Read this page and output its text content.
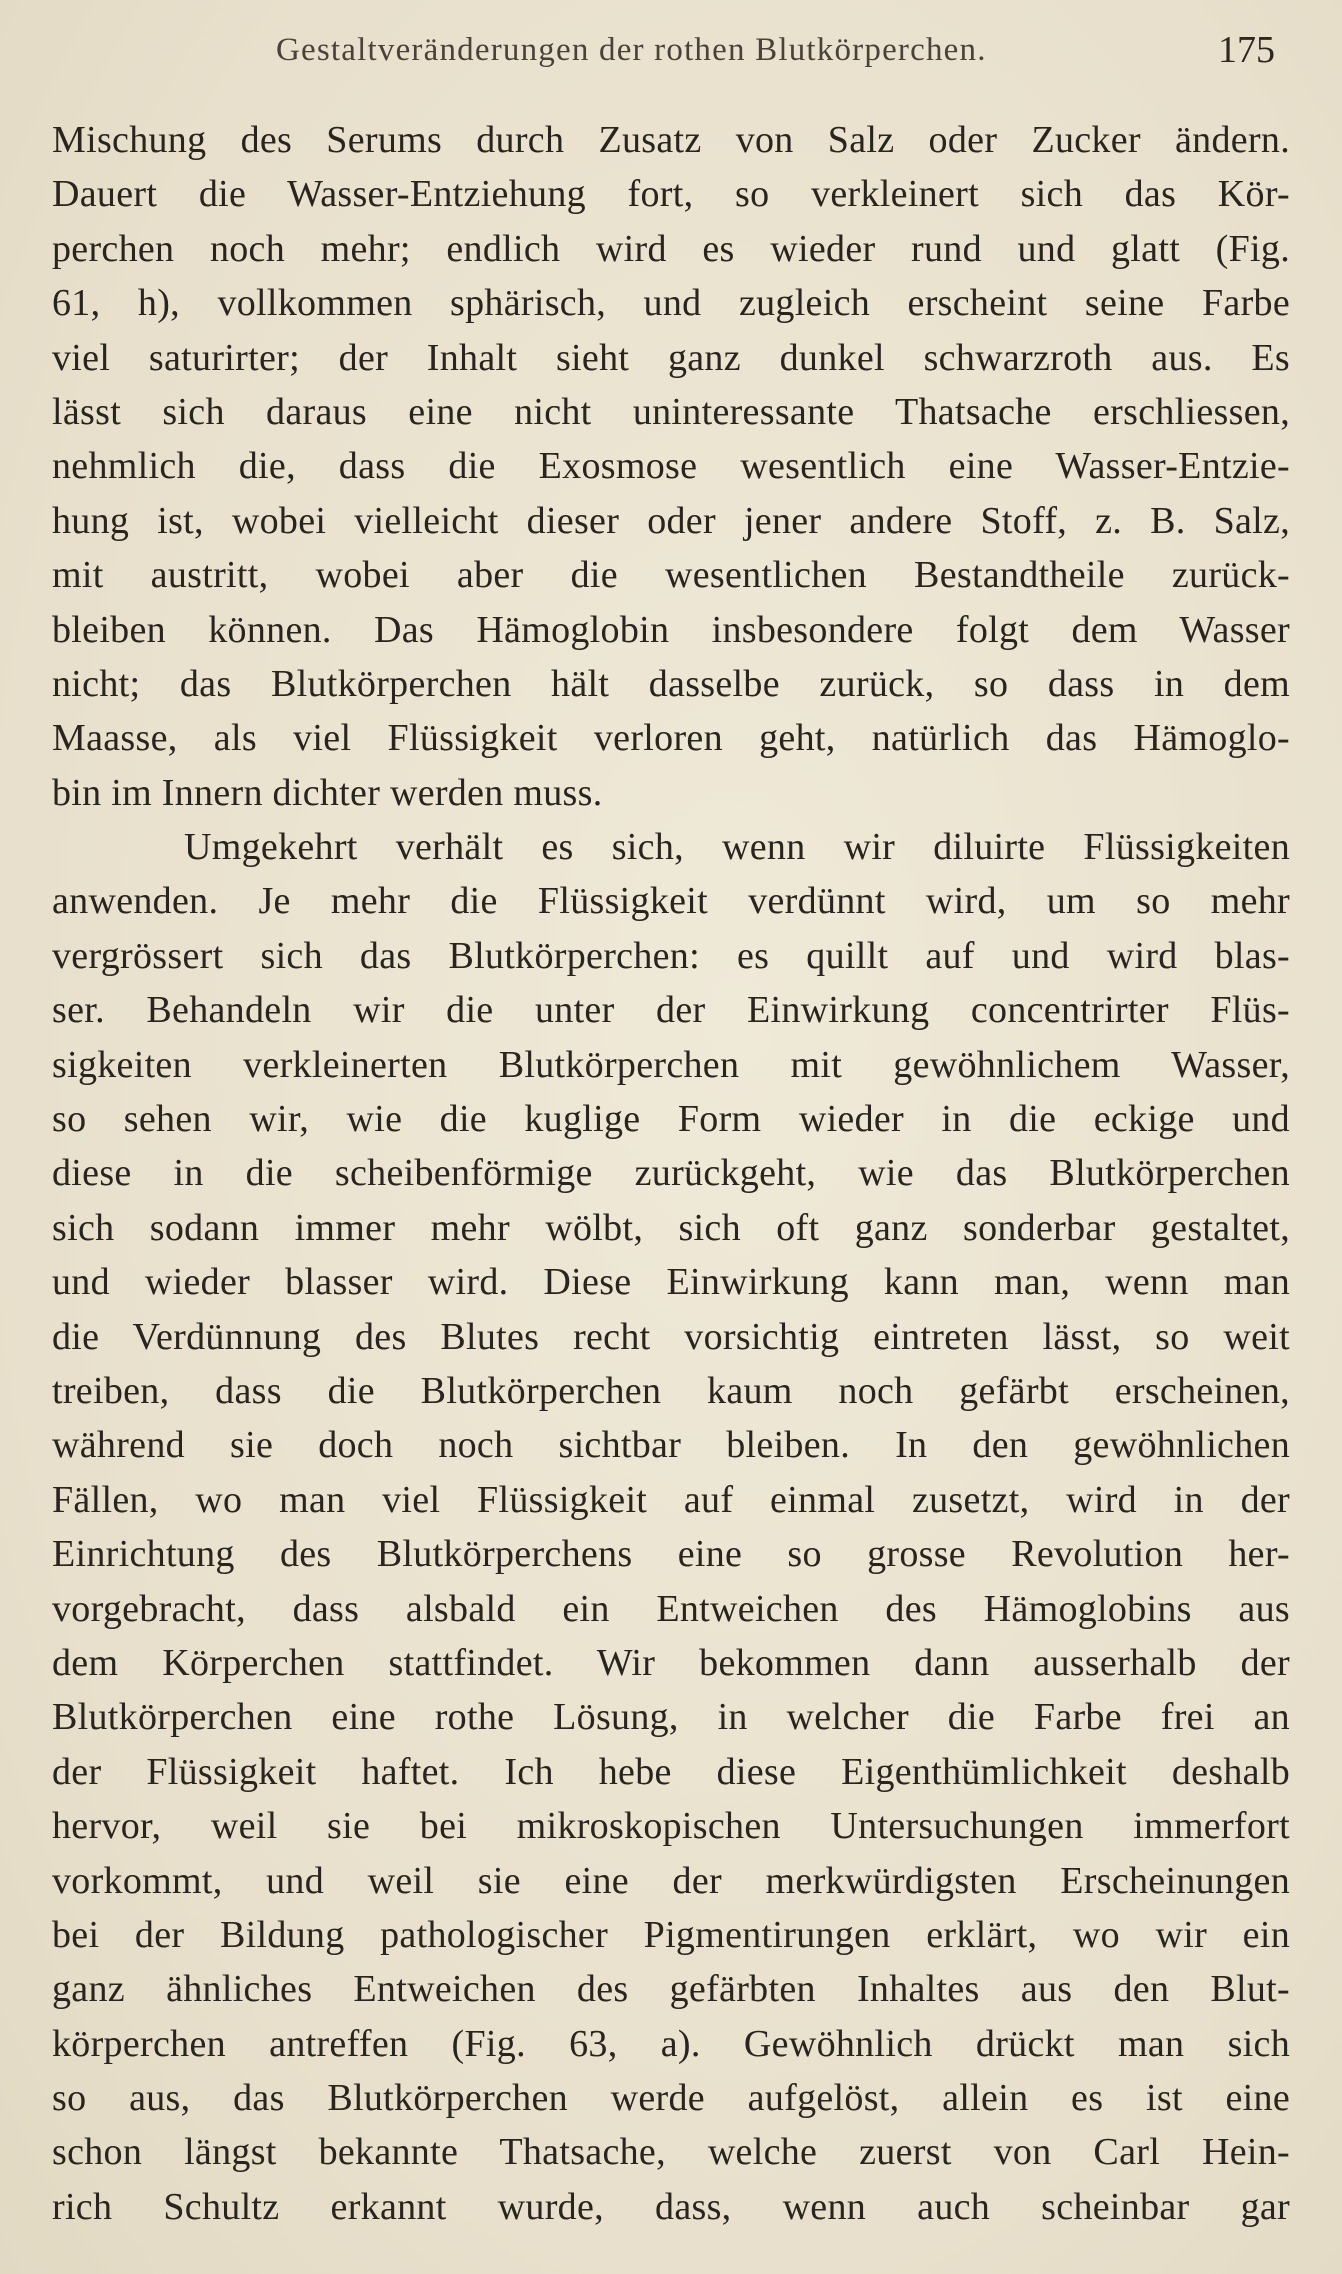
Gestaltveränderungen der rothen Blutkörperchen.	175
Mischung des Serums durch Zusatz von Salz oder Zucker ändern.
Dauert die Wasser-Entziehung fort, so verkleinert sich das Kör-
perchen noch mehr; endlich wird es wieder rund und glatt (Fig.
61, h), vollkommen sphärisch, und zugleich erscheint seine Farbe
viel saturirter; der Inhalt sieht ganz dunkel schwarzroth aus. Es
lässt sich daraus eine nicht uninteressante Thatsache erschliessen,
nehmlich die, dass die Exosmose wesentlich eine Wasser-Entzie-
hung ist, wobei vielleicht dieser oder jener andere Stoff, z. B. Salz,
mit austritt, wobei aber die wesentlichen Bestandtheile zurück-
bleiben können. Das Hämoglobin insbesondere folgt dem Wasser
nicht; das Blutkörperchen hält dasselbe zurück, so dass in dem
Maasse, als viel Flüssigkeit verloren geht, natürlich das Hämoglo-
bin im Innern dichter werden muss.
Umgekehrt verhält es sich, wenn wir diluirte Flüssigkeiten
anwenden. Je mehr die Flüssigkeit verdünnt wird, um so mehr
vergrössert sich das Blutkörperchen: es quillt auf und wird blas-
ser. Behandeln wir die unter der Einwirkung concentrirter Flüs-
sigkeiten verkleinerten Blutkörperchen mit gewöhnlichem Wasser,
so sehen wir, wie die kuglige Form wieder in die eckige und
diese in die scheibenförmige zurückgeht, wie das Blutkörperchen
sich sodann immer mehr wölbt, sich oft ganz sonderbar gestaltet,
und wieder blasser wird. Diese Einwirkung kann man, wenn man
die Verdünnung des Blutes recht vorsichtig eintreten lässt, so weit
treiben, dass die Blutkörperchen kaum noch gefärbt erscheinen,
während sie doch noch sichtbar bleiben. In den gewöhnlichen
Fällen, wo man viel Flüssigkeit auf einmal zusetzt, wird in der
Einrichtung des Blutkörperchens eine so grosse Revolution her-
vorgebracht, dass alsbald ein Entweichen des Hämoglobins aus
dem Körperchen stattfindet. Wir bekommen dann ausserhalb der
Blutkörperchen eine rothe Lösung, in welcher die Farbe frei an
der Flüssigkeit haftet. Ich hebe diese Eigenthümlichkeit deshalb
hervor, weil sie bei mikroskopischen Untersuchungen immerfort
vorkommt, und weil sie eine der merkwürdigsten Erscheinungen
bei der Bildung pathologischer Pigmentirungen erklärt, wo wir ein
ganz ähnliches Entweichen des gefärbten Inhaltes aus den Blut-
körperchen antreffen (Fig. 63, a). Gewöhnlich drückt man sich
so aus, das Blutkörperchen werde aufgelöst, allein es ist eine
schon längst bekannte Thatsache, welche zuerst von Carl Hein-
rich Schultz erkannt wurde, dass, wenn auch scheinbar gar
